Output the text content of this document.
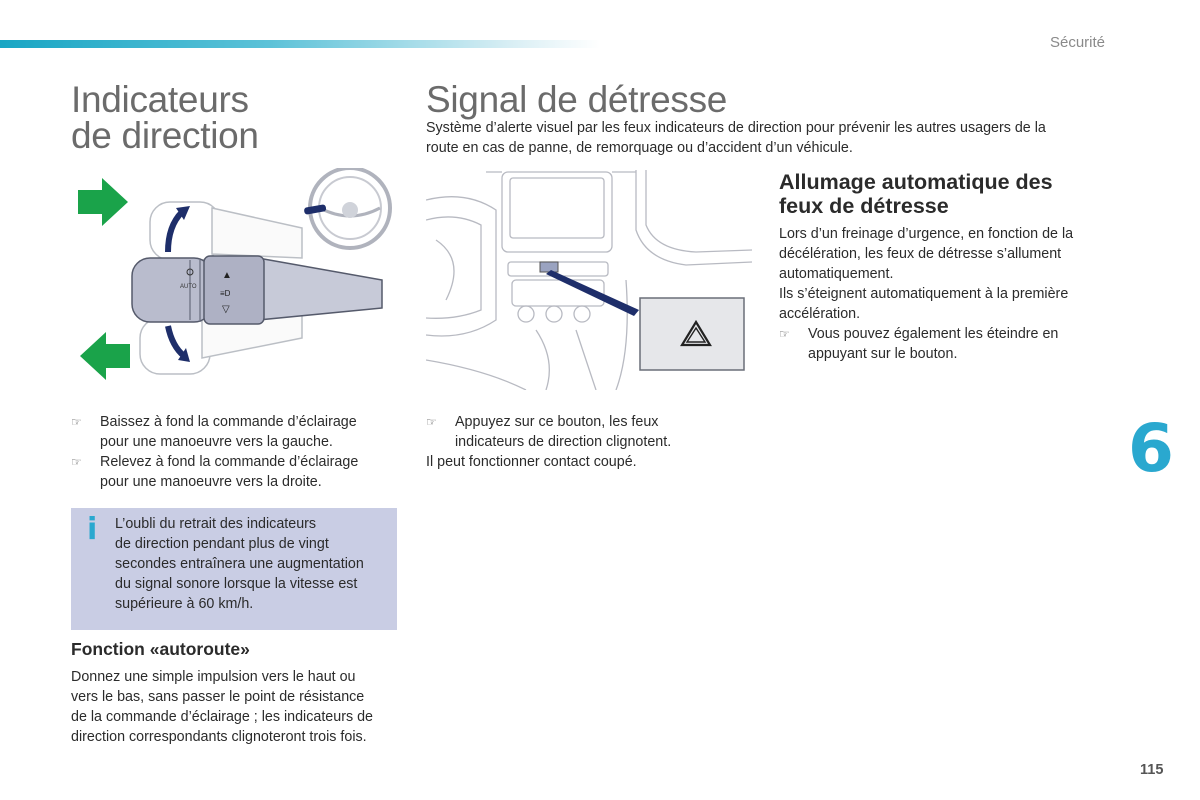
Sécurité
Indicateurs
de direction
AUTO
▲
≡D
▽
☞ Baissez à fond la commande d’éclairage
pour une manoeuvre vers la gauche.
☞ Relevez à fond la commande d’éclairage
pour une manoeuvre vers la droite.
i L’oubli du retrait des indicateurs
de direction pendant plus de vingt
secondes entraînera une augmentation
du signal sonore lorsque la vitesse est
supérieure à 60 km/h.
Fonction «autoroute»
Donnez une simple impulsion vers le haut ou
vers le bas, sans passer le point de résistance
de la commande d’éclairage ; les indicateurs de
direction correspondants clignoteront trois fois.
Signal de détresse
Système d’alerte visuel par les feux indicateurs de direction pour prévenir les autres usagers de la
route en cas de panne, de remorquage ou d’accident d’un véhicule.
Allumage automatique des
feux de détresse
Lors d’un freinage d’urgence, en fonction de la
décélération, les feux de détresse s’allument
automatiquement.
Ils s’éteignent automatiquement à la première
accélération.
☞ Vous pouvez également les éteindre en
appuyant sur le bouton.
☞ Appuyez sur ce bouton, les feux
indicateurs de direction clignotent.
Il peut fonctionner contact coupé.	6
115
